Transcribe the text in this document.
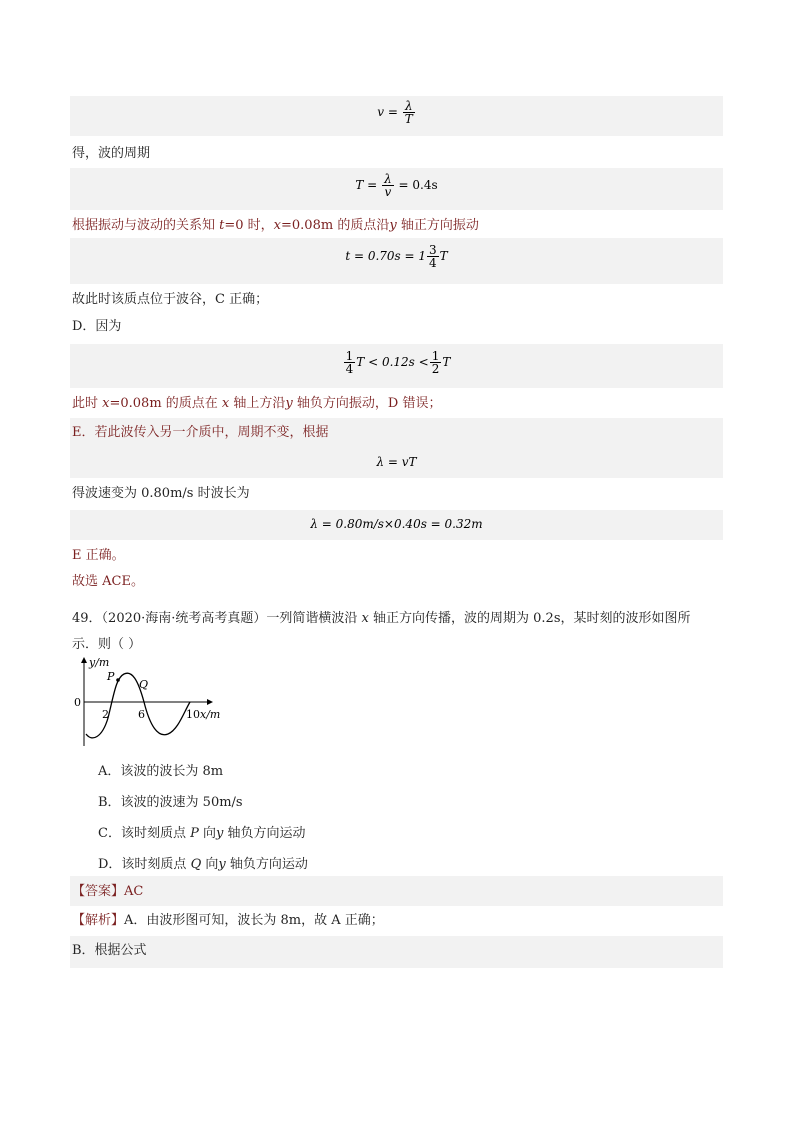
$v = \frac{\lambda}{T}$
得，波的周期
$T = \frac{\lambda}{v} = 0.4s$
根据振动与波动的关系知 t=0 时，x=0.08m 的质点沿y 轴正方向振动
$t = 0.70s = 1 \frac{3}{4}$ T
故此时该质点位于波谷，C 正确；
D．因为
$\frac{1}{4}$ $T < 0.12s < \frac{1}{2}$ T
此时 x=0.08m 的质点在 x 轴上方沿y 轴负方向振动，D 错误；
E．若此波传入另一介质中，周期不变，根据
λ = vT
得波速变为 0.80m/s 时波长为
λ = 0.80m/s×0.40s = 0.32m
E 正确。
故选 ACE。
49．（2020·海南·统考高考真题）一列简谐横波沿 x 轴正方向传播，波的周期为 0.2s，某时刻的波形如图所
示．则（ ）
y/m
0
P
Q
2	6	10 x/m
A．该波的波长为 8m
B．该波的波速为 50m/s
C．该时刻质点 P 向y 轴负方向运动
D．该时刻质点 Q 向y 轴负方向运动
【答案】AC
【解析】A．由波形图可知，波长为 8m，故 A 正确；
B．根据公式
